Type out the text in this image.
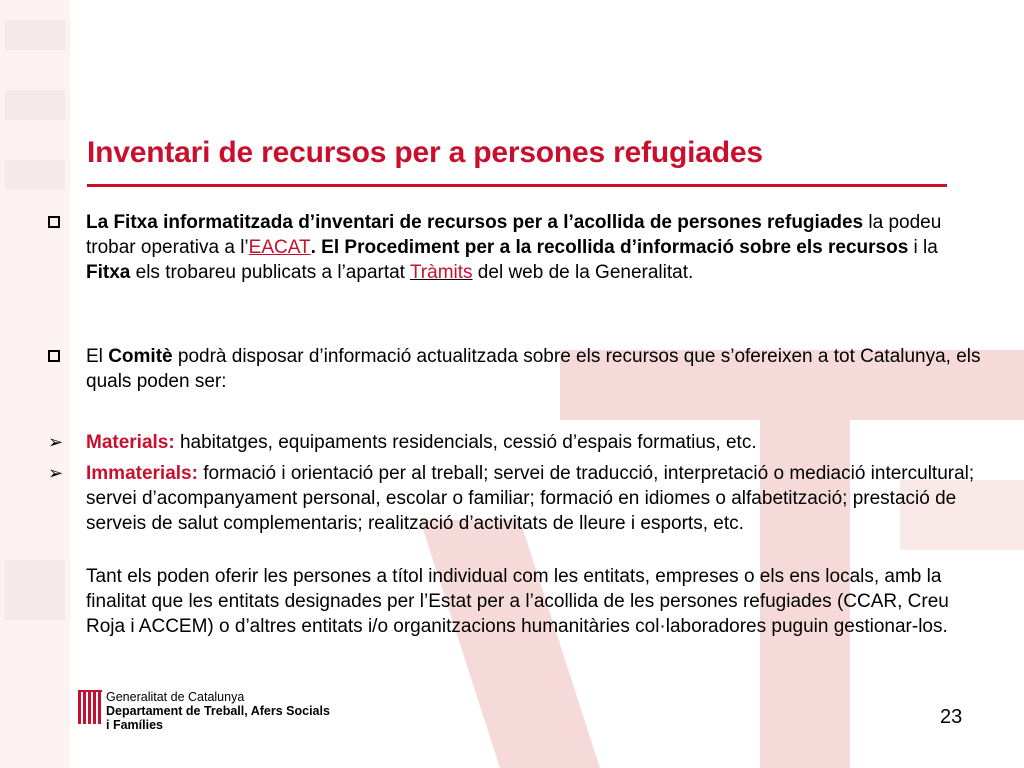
Inventari de recursos per a persones refugiades
La Fitxa informatitzada d’inventari de recursos per a l’acollida de persones refugiades la podeu trobar operativa a l’EACAT. El Procediment per a la recollida d’informació sobre els recursos i la Fitxa els trobareu publicats a l’apartat Tràmits del web de la Generalitat.
El Comitè podrà disposar d’informació actualitzada sobre els recursos que s’ofereixen a tot Catalunya, els quals poden ser:
➢	Materials: habitatges, equipaments residencials, cessió d’espais formatius, etc.
➢	Immaterials: formació i orientació per al treball; servei de traducció, interpretació o mediació intercultural; servei d’acompanyament personal, escolar o familiar; formació en idiomes o alfabetització; prestació de serveis de salut complementaris; realització d’activitats de lleure i esports, etc.
Tant els poden oferir les persones a títol individual com les entitats, empreses o els ens locals, amb la finalitat que les entitats designades per l’Estat per a l’acollida de les persones refugiades (CCAR, Creu Roja i ACCEM) o d’altres entitats i/o organitzacions humanitàries col·laboradores puguin gestionar-los.
Generalitat de Catalunya
Departament de Treball, Afers Socials
i Famílies	23
